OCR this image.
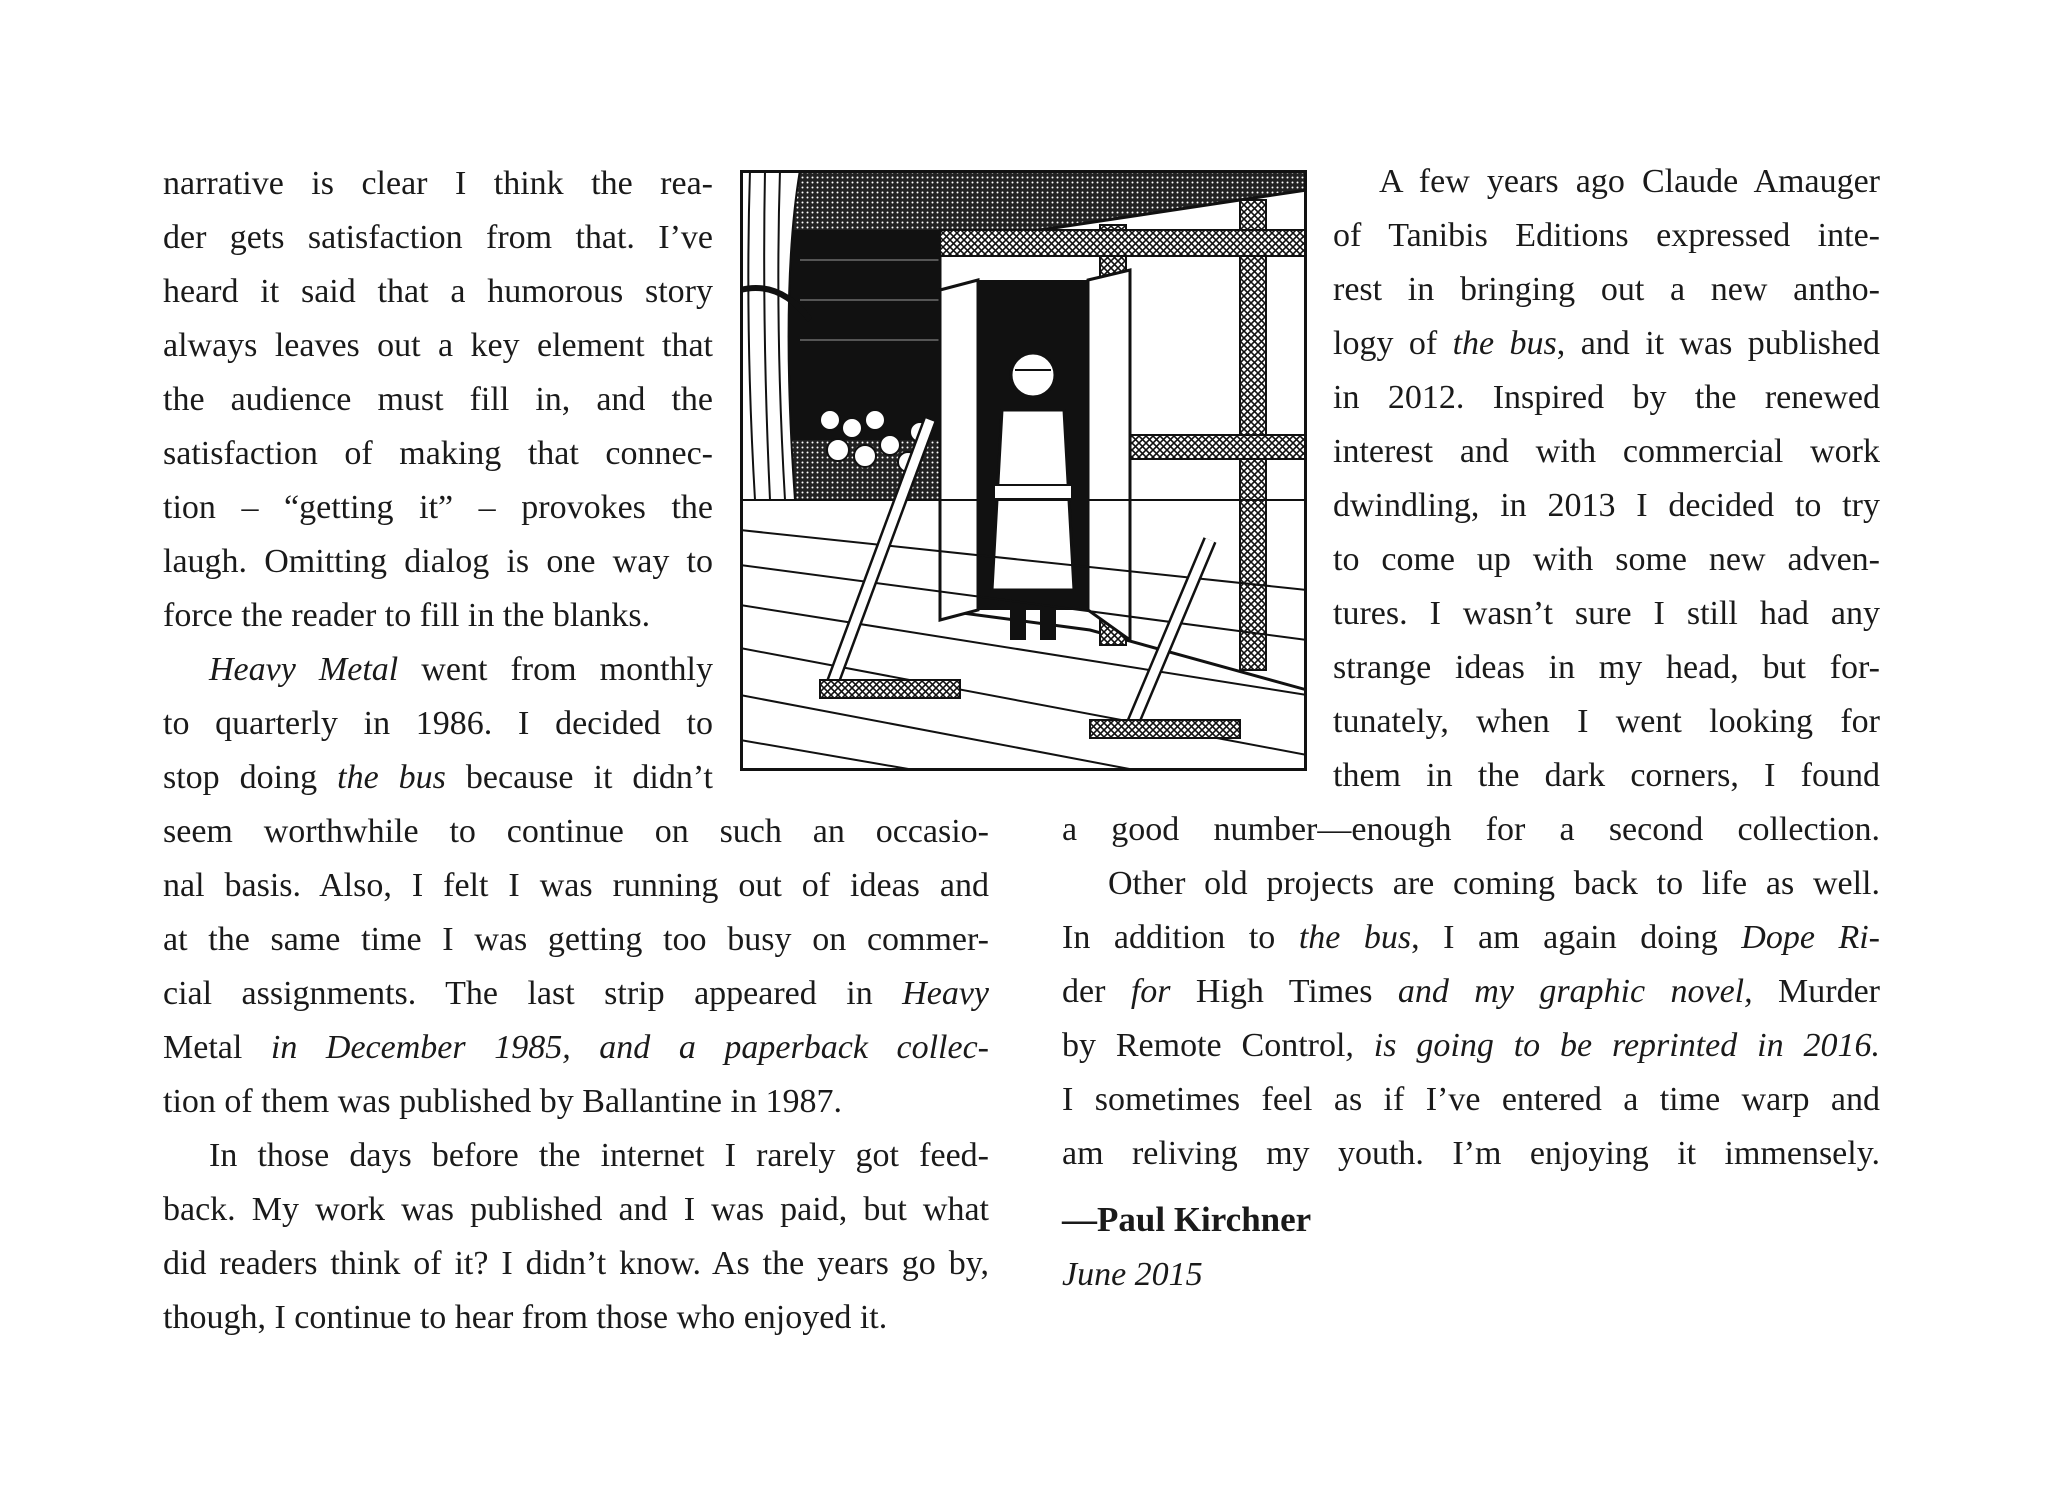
narrative is clear I think the rea-
der gets satisfaction from that. I’ve
heard it said that a humorous story
always leaves out a key element that
the audience must fill in, and the
satisfaction of making that connec-
tion – “getting it” – provokes the
laugh. Omitting dialog is one way to
force the reader to fill in the blanks.
Heavy Metal went from monthly
to quarterly in 1986. I decided to
stop doing the bus because it didn’t
seem worthwhile to continue on such an occasio-
nal basis. Also, I felt I was running out of ideas and
at the same time I was getting too busy on commer-
cial assignments. The last strip appeared in Heavy
Metal in December 1985, and a paperback collec-
tion of them was published by Ballantine in 1987.
In those days before the internet I rarely got feed-
back. My work was published and I was paid, but what
did readers think of it? I didn’t know. As the years go by,
though, I continue to hear from those who enjoyed it.
A few years ago Claude Amauger
of Tanibis Editions expressed inte-
rest in bringing out a new antho-
logy of the bus, and it was published
in 2012. Inspired by the renewed
interest and with commercial work
dwindling, in 2013 I decided to try
to come up with some new adven-
tures. I wasn’t sure I still had any
strange ideas in my head, but for-
tunately, when I went looking for
them in the dark corners, I found
a good number—enough for a second collection.
Other old projects are coming back to life as well.
In addition to the bus, I am again doing Dope Ri-
der for High Times and my graphic novel, Murder
by Remote Control, is going to be reprinted in 2016.
I sometimes feel as if I’ve entered a time warp and
am reliving my youth. I’m enjoying it immensely.
—Paul Kirchner
June 2015
